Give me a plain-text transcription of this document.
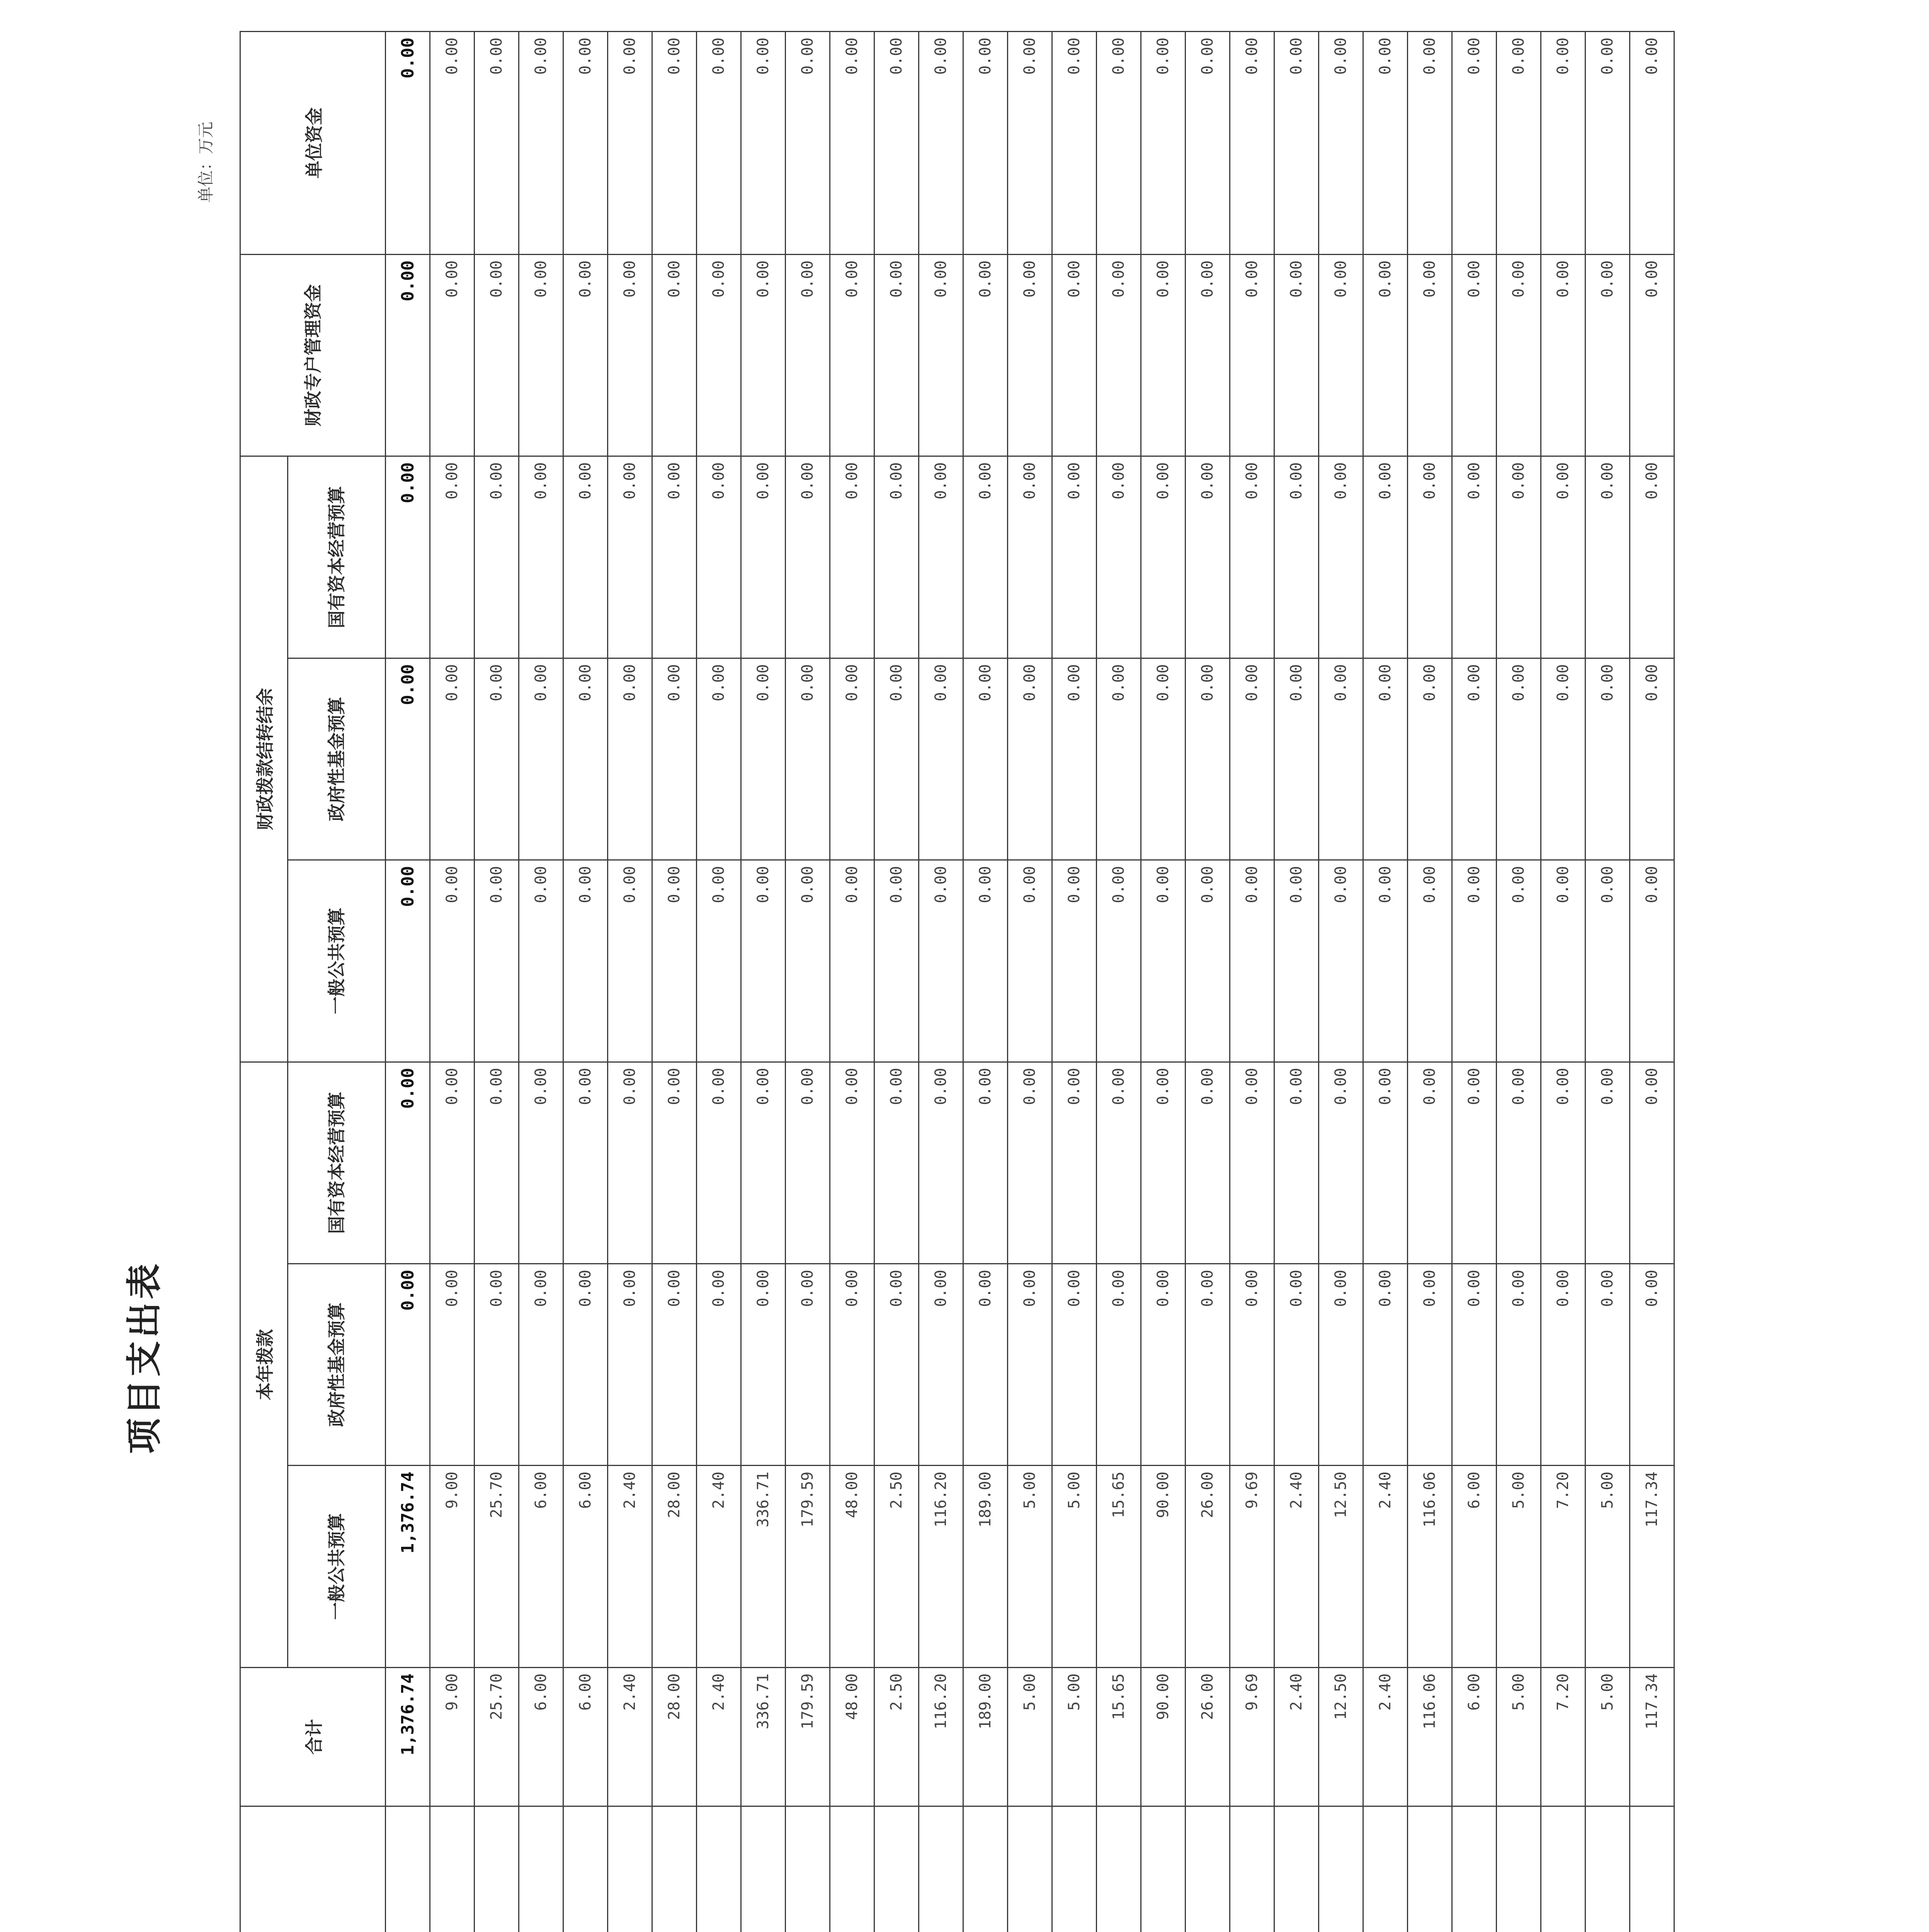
项目支出表
单位：万元
		合计	本年拨款			财政拨款结转结余			财政专户管理资金	单位资金

			一般公共预算	政府性基金预算	国有资本经营预算	一般公共预算	政府性基金预算	国有资本经营预算		
		1,376.74	1,376.74	0.00	0.00	0.00	0.00	0.00	0.00	0.00
		9.00	9.00	0.00	0.00	0.00	0.00	0.00	0.00	0.00
		25.70	25.70	0.00	0.00	0.00	0.00	0.00	0.00	0.00
		6.00	6.00	0.00	0.00	0.00	0.00	0.00	0.00	0.00
		6.00	6.00	0.00	0.00	0.00	0.00	0.00	0.00	0.00
		2.40	2.40	0.00	0.00	0.00	0.00	0.00	0.00	0.00
		28.00	28.00	0.00	0.00	0.00	0.00	0.00	0.00	0.00
		2.40	2.40	0.00	0.00	0.00	0.00	0.00	0.00	0.00
		336.71	336.71	0.00	0.00	0.00	0.00	0.00	0.00	0.00
		179.59	179.59	0.00	0.00	0.00	0.00	0.00	0.00	0.00
		48.00	48.00	0.00	0.00	0.00	0.00	0.00	0.00	0.00
		2.50	2.50	0.00	0.00	0.00	0.00	0.00	0.00	0.00
		116.20	116.20	0.00	0.00	0.00	0.00	0.00	0.00	0.00
		189.00	189.00	0.00	0.00	0.00	0.00	0.00	0.00	0.00
		5.00	5.00	0.00	0.00	0.00	0.00	0.00	0.00	0.00
		5.00	5.00	0.00	0.00	0.00	0.00	0.00	0.00	0.00
		15.65	15.65	0.00	0.00	0.00	0.00	0.00	0.00	0.00
		90.00	90.00	0.00	0.00	0.00	0.00	0.00	0.00	0.00
		26.00	26.00	0.00	0.00	0.00	0.00	0.00	0.00	0.00
		9.69	9.69	0.00	0.00	0.00	0.00	0.00	0.00	0.00
		2.40	2.40	0.00	0.00	0.00	0.00	0.00	0.00	0.00
		12.50	12.50	0.00	0.00	0.00	0.00	0.00	0.00	0.00
		2.40	2.40	0.00	0.00	0.00	0.00	0.00	0.00	0.00
		116.06	116.06	0.00	0.00	0.00	0.00	0.00	0.00	0.00
		6.00	6.00	0.00	0.00	0.00	0.00	0.00	0.00	0.00
		5.00	5.00	0.00	0.00	0.00	0.00	0.00	0.00	0.00
		7.20	7.20	0.00	0.00	0.00	0.00	0.00	0.00	0.00
		5.00	5.00	0.00	0.00	0.00	0.00	0.00	0.00	0.00
		117.34	117.34	0.00	0.00	0.00	0.00	0.00	0.00	0.00
